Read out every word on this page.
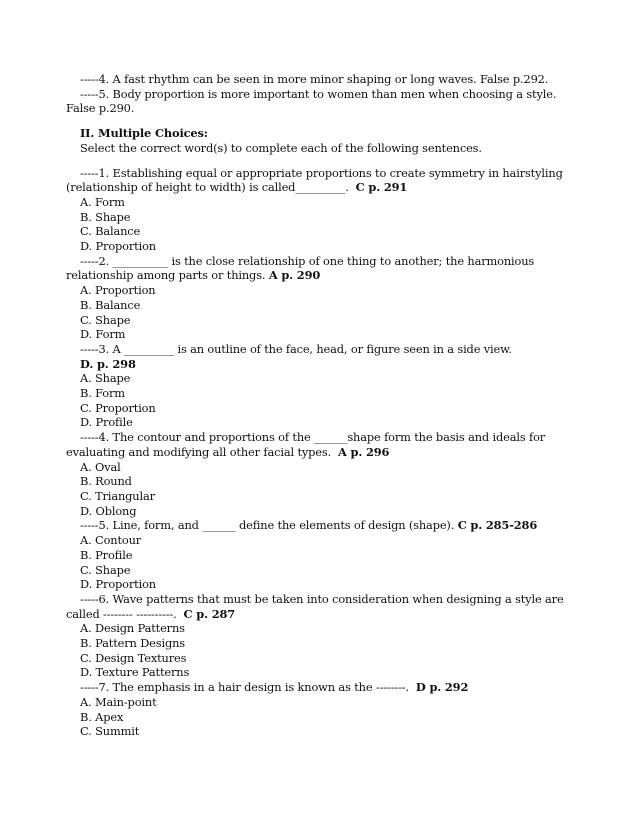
-----4. A fast rhythm can be seen in more minor shaping or long waves. False p.292.
-----5. Body proportion is more important to women than men when choosing a style.
False p.290.
II. Multiple Choices:
Select the correct word(s) to complete each of the following sentences.
-----1. Establishing equal or appropriate proportions to create symmetry in hairstyling
(relationship of height to width) is called_________. C p. 291
A. Form
B. Shape
C. Balance
D. Proportion
-----2. __________ is the close relationship of one thing to another; the harmonious
relationship among parts or things. A p. 290
A. Proportion
B. Balance
C. Shape
D. Form
-----3. A _________ is an outline of the face, head, or figure seen in a side view.
D. p. 298
A. Shape
B. Form
C. Proportion
D. Profile
-----4. The contour and proportions of the ______shape form the basis and ideals for
evaluating and modifying all other facial types. A p. 296
A. Oval
B. Round
C. Triangular
D. Oblong
-----5. Line, form, and ______ define the elements of design (shape). C p. 285-286
A. Contour
B. Profile
C. Shape
D. Proportion
-----6. Wave patterns that must be taken into consideration when designing a style are
called -------- ----------. C p. 287
A. Design Patterns
B. Pattern Designs
C. Design Textures
D. Texture Patterns
-----7. The emphasis in a hair design is known as the --------. D p. 292
A. Main-point
B. Apex
C. Summit
